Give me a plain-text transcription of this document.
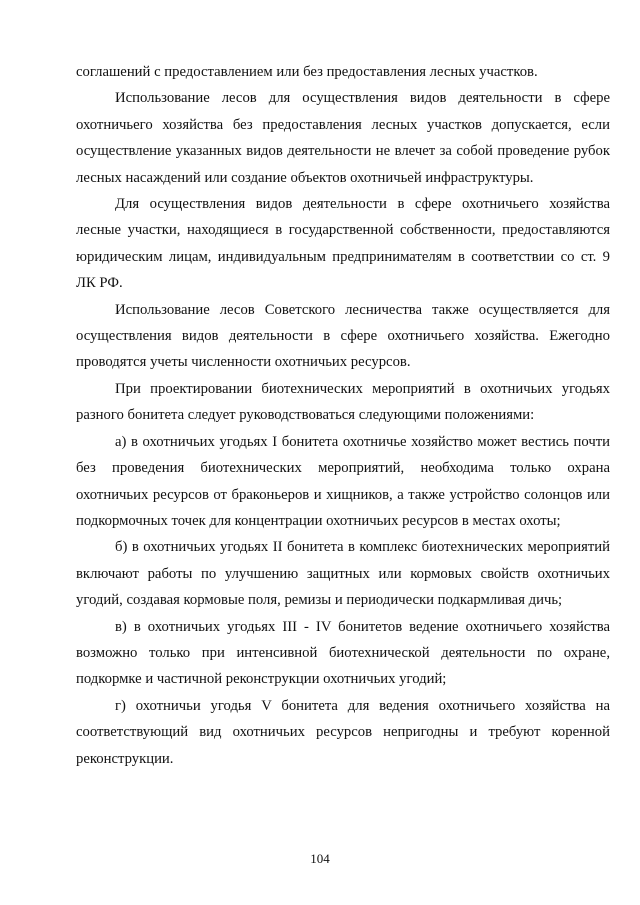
соглашений с предоставлением или без предоставления лесных участков.

Использование лесов для осуществления видов деятельности в сфере охотничьего хозяйства без предоставления лесных участков допускается, если осуществление указанных видов деятельности не влечет за собой проведение рубок лесных насаждений или создание объектов охотничьей инфраструктуры.

Для осуществления видов деятельности в сфере охотничьего хозяйства лесные участки, находящиеся в государственной собственности, предоставляются юридическим лицам, индивидуальным предпринимателям в соответствии со ст. 9 ЛК РФ.

Использование лесов Советского лесничества также осуществляется для осуществления видов деятельности в сфере охотничьего хозяйства. Ежегодно проводятся учеты численности охотничьих ресурсов.

При проектировании биотехнических мероприятий в охотничьих угодьях разного бонитета следует руководствоваться следующими положениями:

а) в охотничьих угодьях I бонитета охотничье хозяйство может вестись почти без проведения биотехнических мероприятий, необходима только охрана охотничьих ресурсов от браконьеров и хищников, а также устройство солонцов или подкормочных точек для концентрации охотничьих ресурсов в местах охоты;

б) в охотничьих угодьях II бонитета в комплекс биотехнических мероприятий включают работы по улучшению защитных или кормовых свойств охотничьих угодий, создавая кормовые поля, ремизы и периодически подкармливая дичь;

в) в охотничьих угодьях III - IV бонитетов ведение охотничьего хозяйства возможно только при интенсивной биотехнической деятельности по охране, подкормке и частичной реконструкции охотничьих угодий;

г) охотничьи угодья V бонитета для ведения охотничьего хозяйства на соответствующий вид охотничьих ресурсов непригодны и требуют коренной реконструкции.

104
